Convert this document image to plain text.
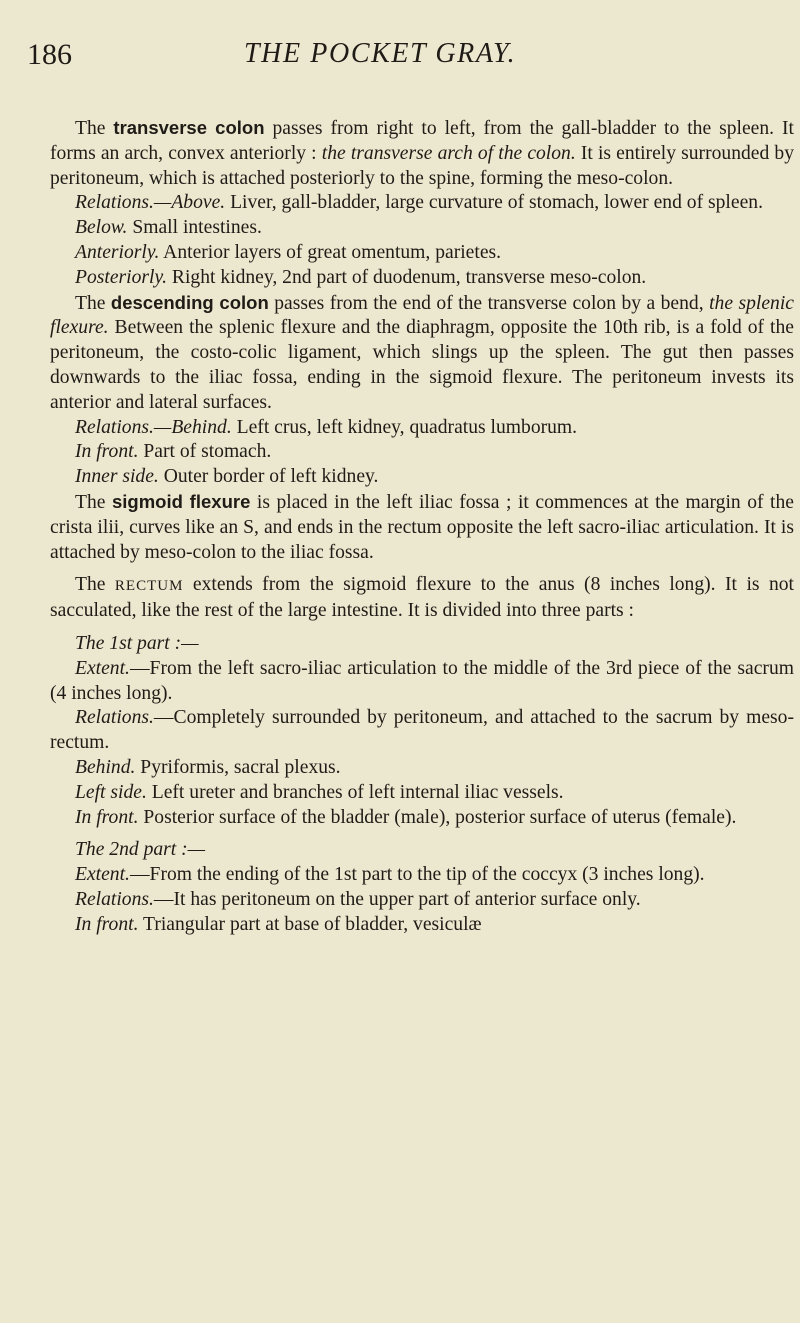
186	THE POCKET GRAY.

The transverse colon passes from right to left, from the gall-bladder to the spleen. It forms an arch, convex anteriorly : the transverse arch of the colon. It is entirely surrounded by peritoneum, which is attached posteriorly to the spine, forming the meso-colon.

Relations.—Above. Liver, gall-bladder, large curvature of stomach, lower end of spleen.

Below. Small intestines.

Anteriorly. Anterior layers of great omentum, parietes.

Posteriorly. Right kidney, 2nd part of duodenum, transverse meso-colon.

The descending colon passes from the end of the transverse colon by a bend, the splenic flexure. Between the splenic flexure and the diaphragm, opposite the 10th rib, is a fold of the peritoneum, the costo-colic ligament, which slings up the spleen. The gut then passes downwards to the iliac fossa, ending in the sigmoid flexure. The peritoneum invests its anterior and lateral surfaces.

Relations.—Behind. Left crus, left kidney, quadratus lumborum.

In front. Part of stomach.

Inner side. Outer border of left kidney.

The sigmoid flexure is placed in the left iliac fossa ; it commences at the margin of the crista ilii, curves like an S, and ends in the rectum opposite the left sacro-iliac articulation. It is attached by meso-colon to the iliac fossa.

The RECTUM extends from the sigmoid flexure to the anus (8 inches long). It is not sacculated, like the rest of the large intestine. It is divided into three parts :

The 1st part :—

Extent.—From the left sacro-iliac articulation to the middle of the 3rd piece of the sacrum (4 inches long).

Relations.—Completely surrounded by peritoneum, and attached to the sacrum by meso-rectum.

Behind. Pyriformis, sacral plexus.

Left side. Left ureter and branches of left internal iliac vessels.

In front. Posterior surface of the bladder (male), posterior surface of uterus (female).

The 2nd part :—

Extent.—From the ending of the 1st part to the tip of the coccyx (3 inches long).

Relations.—It has peritoneum on the upper part of anterior surface only.

In front. Triangular part at base of bladder, vesiculæ
